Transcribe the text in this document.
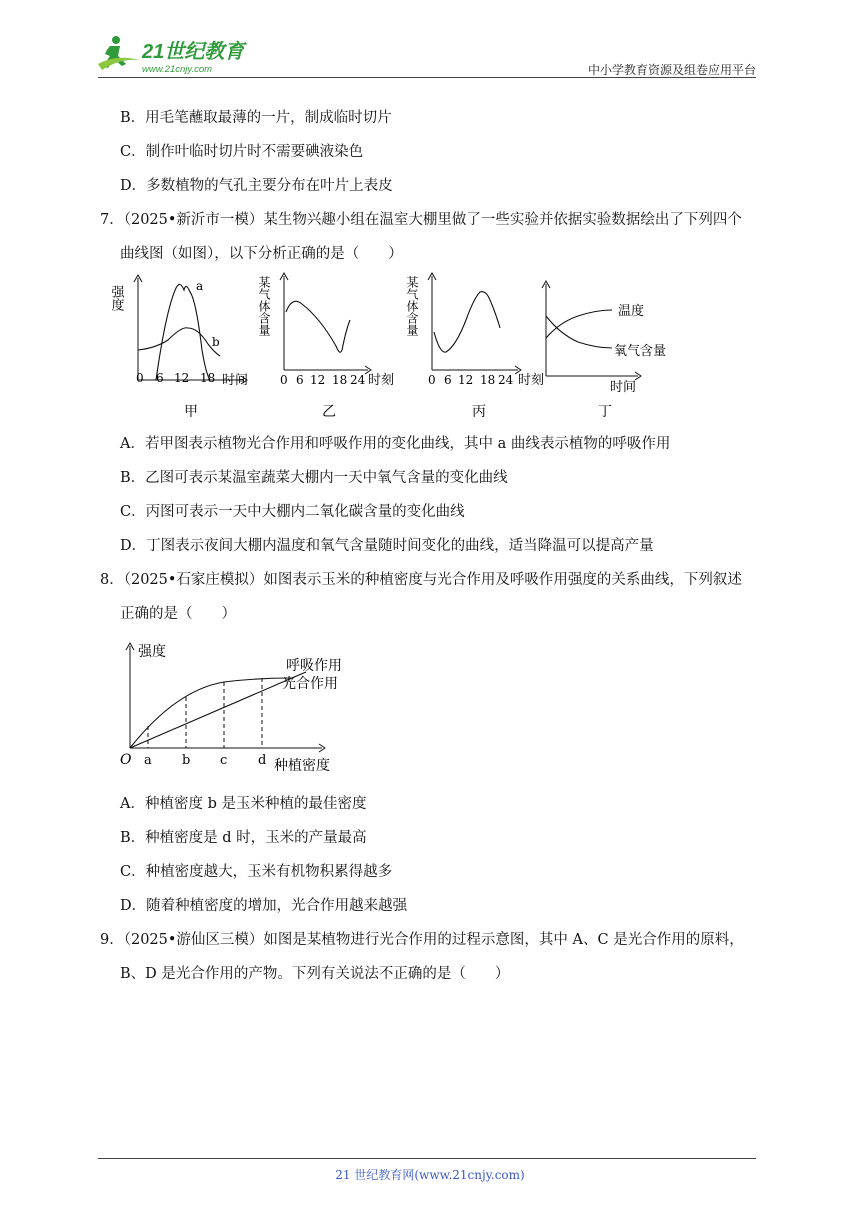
21世纪教育
www.21cnjy.com	中小学教育资源及组卷应用平台
B．用毛笔蘸取最薄的一片，制成临时切片
C．制作叶临时切片时不需要碘液染色
D．多数植物的气孔主要分布在叶片上表皮
7．（2025•新沂市一模）某生物兴趣小组在温室大棚里做了一些实验并依据实验数据绘出了下列四个
曲线图（如图），以下分析正确的是（　　）
强度	a
b
0 6 12 18 时间
甲
某气体含量
0 6 12 18 24 时刻
乙
某气体含量
0 6 12 18 24 时刻
丙
温度
氧气含量
时间
丁
A．若甲图表示植物光合作用和呼吸作用的变化曲线，其中 a 曲线表示植物的呼吸作用
B．乙图可表示某温室蔬菜大棚内一天中氧气含量的变化曲线
C．丙图可表示一天中大棚内二氧化碳含量的变化曲线
D．丁图表示夜间大棚内温度和氧气含量随时间变化的曲线，适当降温可以提高产量
8．（2025•石家庄模拟）如图表示玉米的种植密度与光合作用及呼吸作用强度的关系曲线，下列叙述
正确的是（　　）
强度
呼吸作用
光合作用
O a b c d 种植密度
A．种植密度 b 是玉米种植的最佳密度
B．种植密度是 d 时，玉米的产量最高
C．种植密度越大，玉米有机物积累得越多
D．随着种植密度的增加，光合作用越来越强
9．（2025•游仙区三模）如图是某植物进行光合作用的过程示意图，其中 A、C 是光合作用的原料，
B、D 是光合作用的产物。下列有关说法不正确的是（　　）
21 世纪教育网(www.21cnjy.com)
